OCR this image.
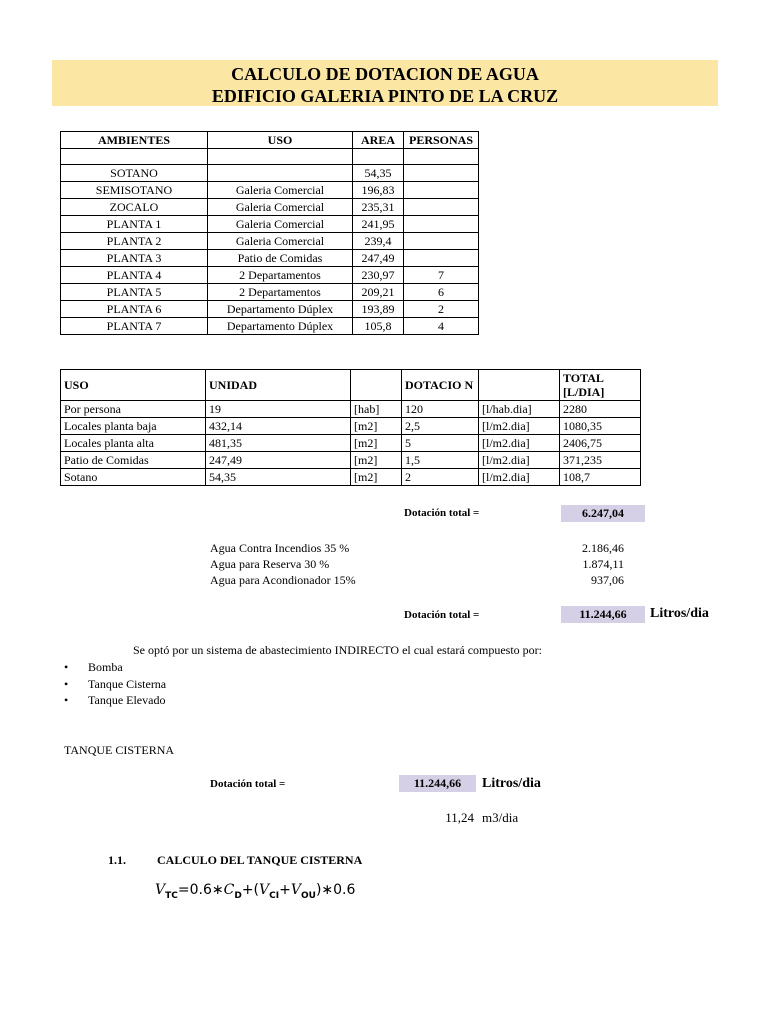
CALCULO DE DOTACION DE AGUA
EDIFICIO GALERIA PINTO DE LA CRUZ
AMBIENTES	USO	AREA	PERSONAS

SOTANO		54,35	
SEMISOTANO	Galeria Comercial	196,83	
ZOCALO	Galeria Comercial	235,31	
PLANTA 1	Galeria Comercial	241,95	
PLANTA 2	Galeria Comercial	239,4	
PLANTA 3	Patio de Comidas	247,49	
PLANTA 4	2 Departamentos	230,97	7
PLANTA 5	2 Departamentos	209,21	6
PLANTA 6	Departamento Dúplex	193,89	2
PLANTA 7	Departamento Dúplex	105,8	4
USO	UNIDAD		DOTACIO N		TOTAL [L/DIA]
Por persona	19	[hab]	120	[l/hab.dia]	2280
Locales planta baja	432,14	[m2]	2,5	[l/m2.dia]	1080,35
Locales planta alta	481,35	[m2]	5	[l/m2.dia]	2406,75
Patio de Comidas	247,49	[m2]	1,5	[l/m2.dia]	371,235
Sotano	54,35	[m2]	2	[l/m2.dia]	108,7
Dotación total =	6.247,04
Agua Contra Incendios 35 %	2.186,46
Agua para Reserva 30 %	1.874,11
Agua para Acondionador 15%	937,06
Dotación total =	11.244,66	Litros/dia
Se optó por un sistema de abastecimiento INDIRECTO el cual estará compuesto por:
• Bomba
• Tanque Cisterna
• Tanque Elevado
TANQUE CISTERNA
Dotación total =	11.244,66	Litros/dia
11,24 m3/dia
1.1.	CALCULO DEL TANQUE CISTERNA
$V_{TC}=0.6∗C_D+(V_{CI}+V_{OU})∗0.6$
